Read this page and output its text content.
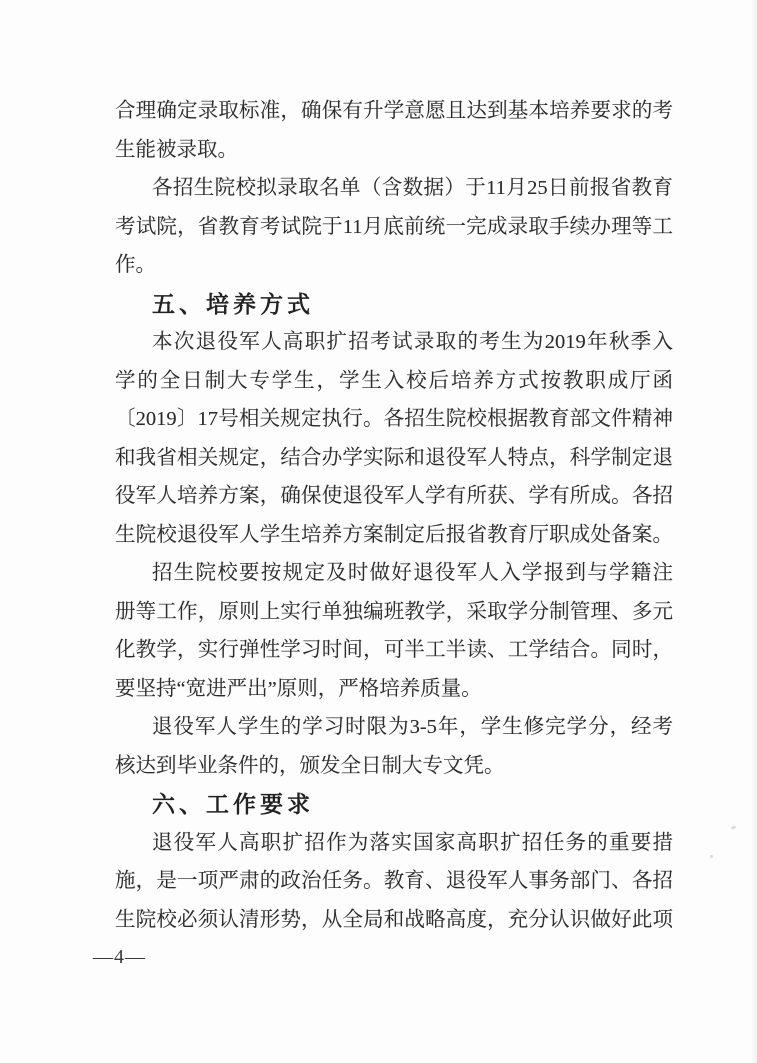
合理确定录取标准，确保有升学意愿且达到基本培养要求的考
生能被录取。
各招生院校拟录取名单（含数据）于11月25日前报省教育
考试院，省教育考试院于11月底前统一完成录取手续办理等工
作。
五、培养方式
本次退役军人高职扩招考试录取的考生为2019年秋季入
学的全日制大专学生，学生入校后培养方式按教职成厅函
〔2019〕17号相关规定执行。各招生院校根据教育部文件精神
和我省相关规定，结合办学实际和退役军人特点，科学制定退
役军人培养方案，确保使退役军人学有所获、学有所成。各招
生院校退役军人学生培养方案制定后报省教育厅职成处备案。
招生院校要按规定及时做好退役军人入学报到与学籍注
册等工作，原则上实行单独编班教学，采取学分制管理、多元
化教学，实行弹性学习时间，可半工半读、工学结合。同时，
要坚持“宽进严出”原则，严格培养质量。
退役军人学生的学习时限为3-5年，学生修完学分，经考
核达到毕业条件的，颁发全日制大专文凭。
六、工作要求
退役军人高职扩招作为落实国家高职扩招任务的重要措
施，是一项严肃的政治任务。教育、退役军人事务部门、各招
生院校必须认清形势，从全局和战略高度，充分认识做好此项
—4—
